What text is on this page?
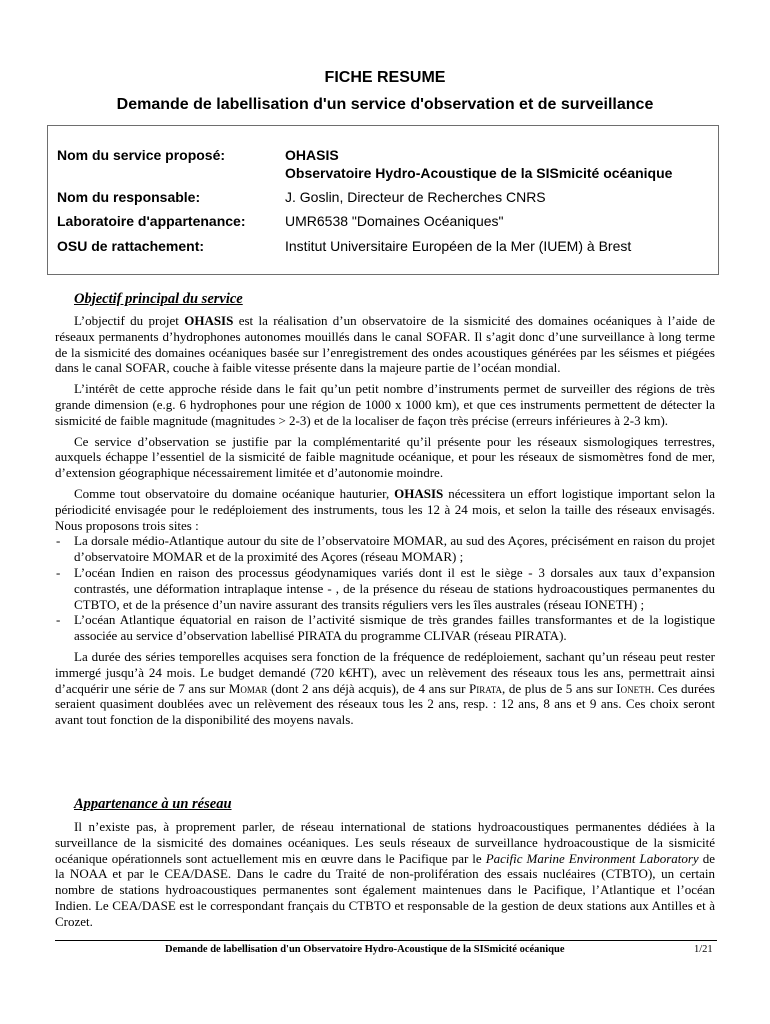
FICHE RESUME
Demande de labellisation d'un service d'observation et de surveillance
Nom du service proposé:	OHASIS
Observatoire Hydro-Acoustique de la SISmicité océanique
Nom du responsable:	J. Goslin, Directeur de Recherches CNRS
Laboratoire d'appartenance:	UMR6538 "Domaines Océaniques"
OSU de rattachement:	Institut Universitaire Européen de la Mer (IUEM) à Brest
Objectif principal du service

L’objectif du projet OHASIS est la réalisation d’un observatoire de la sismicité des domaines océaniques à l’aide de réseaux permanents d’hydrophones autonomes mouillés dans le canal SOFAR. Il s’agit donc d’une surveillance à long terme de la sismicité des domaines océaniques basée sur l’enregistrement des ondes acoustiques générées par les séismes et piégées dans le canal SOFAR, couche à faible vitesse présente dans la majeure partie de l’océan mondial.

L’intérêt de cette approche réside dans le fait qu’un petit nombre d’instruments permet de surveiller des régions de très grande dimension (e.g. 6 hydrophones pour une région de 1000 x 1000 km), et que ces instruments permettent de détecter la sismicité de faible magnitude (magnitudes > 2-3) et de la localiser de façon très précise (erreurs inférieures à 2-3 km).

Ce service d’observation se justifie par la complémentarité qu’il présente pour les réseaux sismologiques terrestres, auxquels échappe l’essentiel de la sismicité de faible magnitude océanique, et pour les réseaux de sismomètres fond de mer, d’extension géographique nécessairement limitée et d’autonomie moindre.

Comme tout observatoire du domaine océanique hauturier, OHASIS nécessitera un effort logistique important selon la périodicité envisagée pour le redéploiement des instruments, tous les 12 à 24 mois, et selon la taille des réseaux envisagés. Nous proposons trois sites :

- La dorsale médio-Atlantique autour du site de l’observatoire MOMAR, au sud des Açores, précisément en raison du projet d’observatoire MOMAR et de la proximité des Açores (réseau MOMAR) ;
- L’océan Indien en raison des processus géodynamiques variés dont il est le siège - 3 dorsales aux taux d’expansion contrastés, une déformation intraplaque intense - , de la présence du réseau de stations hydroacoustiques permanentes du CTBTO, et de la présence d’un navire assurant des transits réguliers vers les îles australes (réseau IONETH) ;
- L’océan Atlantique équatorial en raison de l’activité sismique de très grandes failles transformantes et de la logistique associée au service d’observation labellisé PIRATA du programme CLIVAR (réseau PIRATA).

La durée des séries temporelles acquises sera fonction de la fréquence de redéploiement, sachant qu’un réseau peut rester immergé jusqu’à 24 mois. Le budget demandé (720 k€HT), avec un relèvement des réseaux tous les ans, permettrait ainsi d’acquérir une série de 7 ans sur Momar (dont 2 ans déjà acquis), de 4 ans sur Pirata, de plus de 5 ans sur Ioneth. Ces durées seraient quasiment doublées avec un relèvement des réseaux tous les 2 ans, resp. : 12 ans, 8 ans et 9 ans. Ces choix seront avant tout fonction de la disponibilité des moyens navals.

Appartenance à un réseau

Il n’existe pas, à proprement parler, de réseau international de stations hydroacoustiques permanentes dédiées à la surveillance de la sismicité des domaines océaniques. Les seuls réseaux de surveillance hydroacoustique de la sismicité océanique opérationnels sont actuellement mis en œuvre dans le Pacifique par le Pacific Marine Environment Laboratory de la NOAA et par le CEA/DASE. Dans le cadre du Traité de non-prolifération des essais nucléaires (CTBTO), un certain nombre de stations hydroacoustiques permanentes sont également maintenues dans le Pacifique, l’Atlantique et l’océan Indien. Le CEA/DASE est le correspondant français du CTBTO et responsable de la gestion de deux stations aux Antilles et à Crozet.

Demande de labellisation d'un Observatoire Hydro-Acoustique de la SISmicité océanique	1/21
